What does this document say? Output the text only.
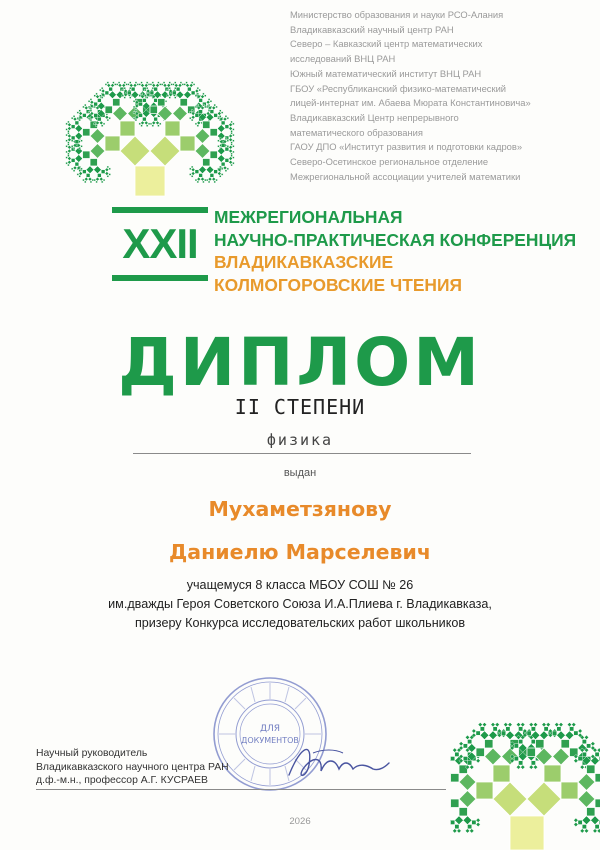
Министерство образования и науки РСО-Алания
Владикавказский научный центр РАН
Северо – Кавказский центр математических
исследований ВНЦ РАН
Южный математический институт ВНЦ РАН
ГБОУ «Республиканский физико-математический
лицей-интернат им. Абаева Мюрата Константиновича»
Владикавказский Центр непрерывного
математического образования
ГАОУ ДПО «Институт развития и подготовки кадров»
Северо-Осетинское региональное отделение
Межрегиональной ассоциации учителей математики
XXII
МЕЖРЕГИОНАЛЬНАЯ
НАУЧНО-ПРАКТИЧЕСКАЯ КОНФЕРЕНЦИЯ
ВЛАДИКАВКАЗСКИЕ
КОЛМОГОРОВСКИЕ ЧТЕНИЯ
ДИПЛОМ
II СТЕПЕНИ
физика
выдан
Мухаметзянову
Даниелю Марселевич
учащемуся 8 класса МБОУ СОШ № 26
им.дважды Героя Советского Союза И.А.Плиева г. Владикавказа,
призеру Конкурса исследовательских работ школьников
ДЛЯ
ДОКУМЕНТОВ
Научный руководитель
Владикавказского научного центра РАН
д.ф.-м.н., профессор А.Г. КУСРАЕВ
2026
